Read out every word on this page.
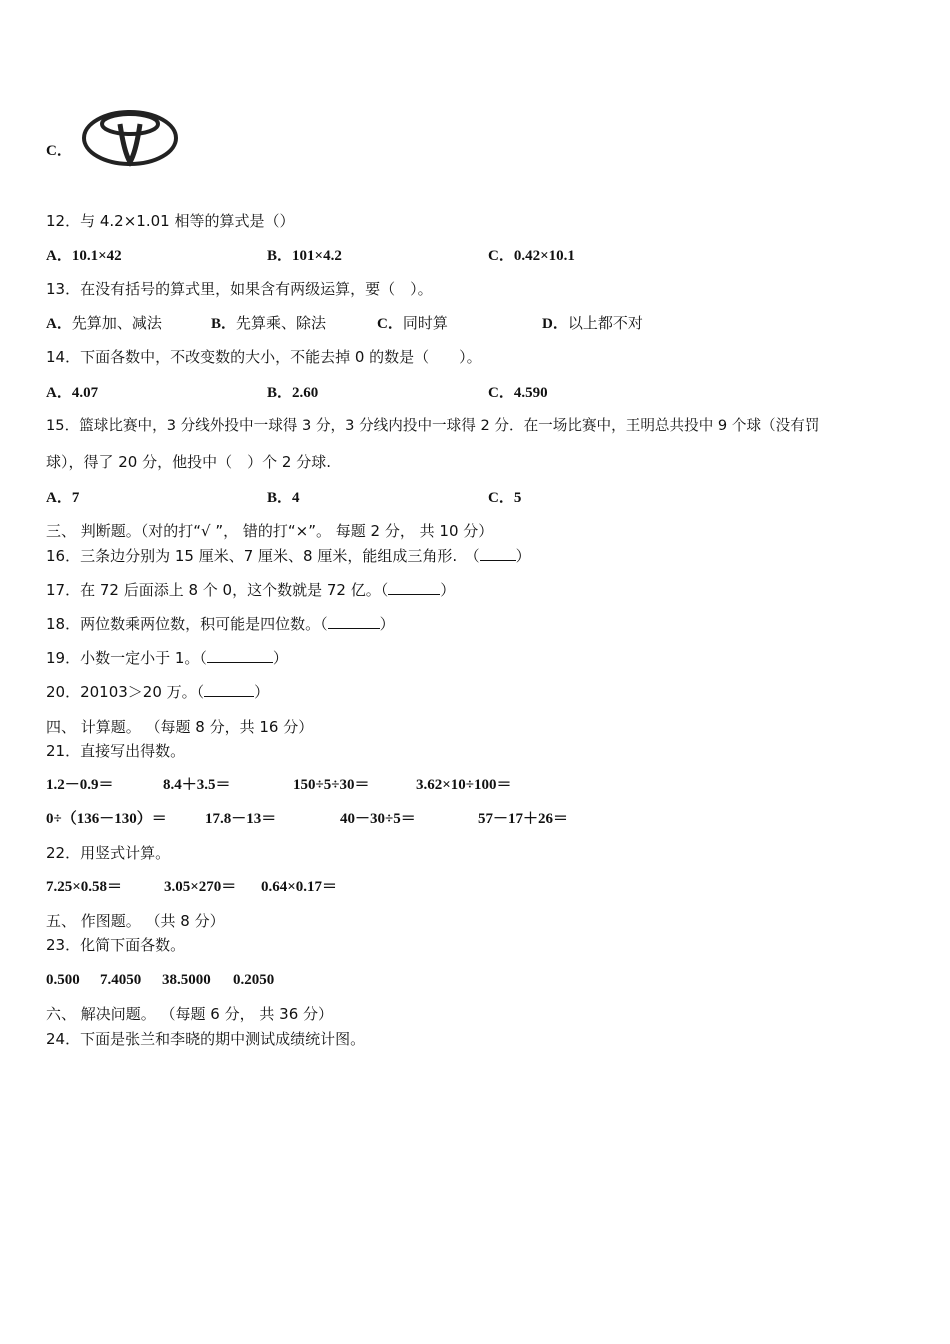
C．
12．与 4.2×1.01 相等的算式是（）
A．10.1×42	B．101×4.2	C．0.42×10.1
13．在没有括号的算式里，如果含有两级运算，要（　）。
A．先算加、减法	B．先算乘、除法	C．同时算	D．以上都不对
14．下面各数中，不改变数的大小，不能去掉 0 的数是（　　）。
A．4.07	B．2.60	C．4.590
15．篮球比赛中，3 分线外投中一球得 3 分，3 分线内投中一球得 2 分．在一场比赛中，王明总共投中 9 个球（没有罚
球），得了 20 分，他投中（　）个 2 分球.
A．7	B．4	C．5
三、 判断题。（对的打“√ ”， 错的打“×”。 每题 2 分， 共 10 分）
16．三条边分别为 15 厘米、7 厘米、8 厘米，能组成三角形.　（ ）
17．在 72 后面添上 8 个 0，这个数就是 72 亿。（	）
18．两位数乘两位数，积可能是四位数。（	）
19．小数一定小于 1。（	）
20．20103＞20 万。（	）
四、 计算题。 （每题 8 分，共 16 分）
21．直接写出得数。
1.2－0.9＝	8.4＋3.5＝	150÷5÷30＝	3.62×10÷100＝
0÷（136－130）＝	17.8－13＝	40－30÷5＝	57－17＋26＝
22．用竖式计算。
7.25×0.58＝	3.05×270＝ 0.64×0.17＝
五、 作图题。 （共 8 分）
23．化简下面各数。
0.500 7.4050 38.5000 0.2050
六、 解决问题。 （每题 6 分， 共 36 分）
24．下面是张兰和李晓的期中测试成绩统计图。
